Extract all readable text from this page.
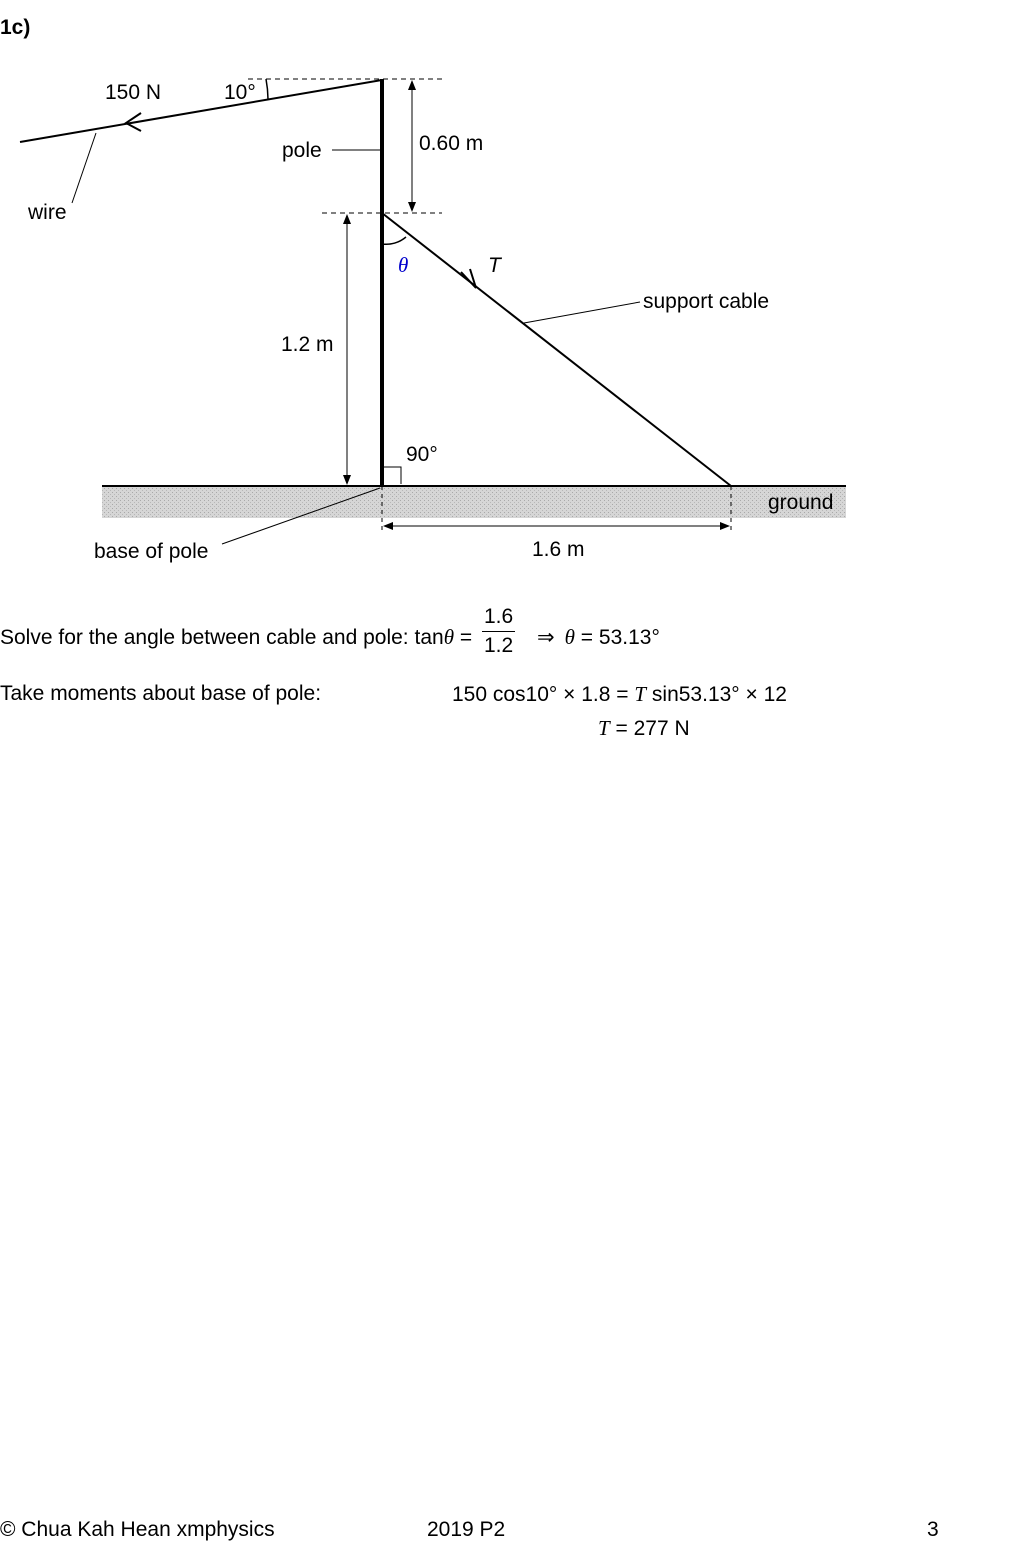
1c)
150 N	10°
pole	0.60 m
wire
θ	T
support cable
1.2 m
90°
ground
base of pole	1.6 m
Solve for the angle between cable and pole: $\tan\theta = \frac{1.6}{1.2}$ ⇒ θ = 53.13°
Take moments about base of pole:	150 cos10° × 1.8 = T sin53.13° × 12
T = 277 N
© Chua Kah Hean xmphysics	2019 P2	3
